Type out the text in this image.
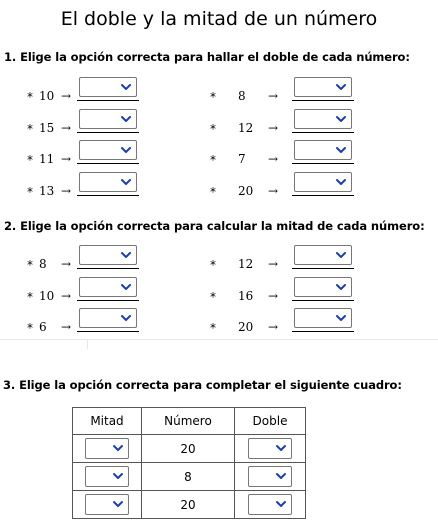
El doble y la mitad de un número
1. Elige la opción correcta para hallar el doble de cada número:
* 10 →
* 15 →
* 11 →
* 13 →
* 8 →
* 12 →
* 7 →
* 20 →
2. Elige la opción correcta para calcular la mitad de cada número:
* 8 →
* 10 →
* 6 →
* 12 →
* 16 →
* 20 →
3. Elige la opción correcta para completar el siguiente cuadro:
Mitad	Número	Doble

	20	

	8	

	20	
